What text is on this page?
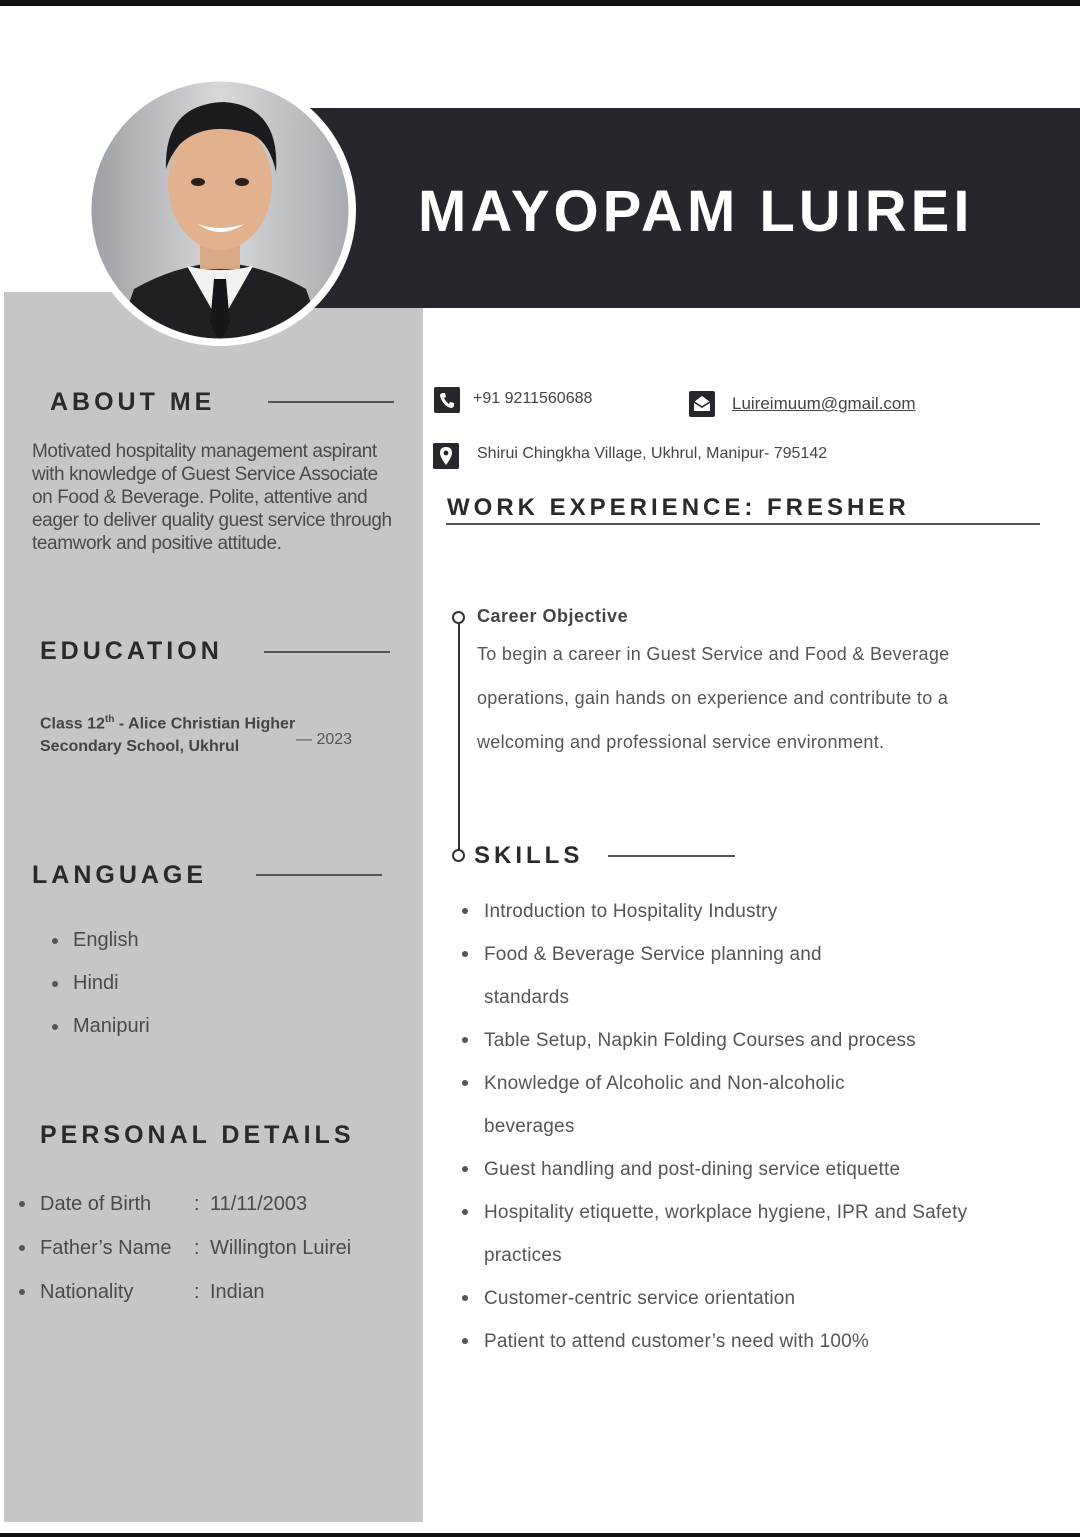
MAYOPAM LUIREI
ABOUT ME
Motivated hospitality management aspirant with knowledge of Guest Service Associate on Food & Beverage. Polite, attentive and eager to deliver quality guest service through teamwork and positive attitude.
EDUCATION
Class 12th - Alice Christian Higher Secondary School, Ukhrul	— 2023
LANGUAGE
English
Hindi
Manipuri
PERSONAL DETAILS
Date of Birth : 11/11/2003
Father’s Name : Willington Luirei
Nationality	: Indian
+91 9211560688	Luireimuum@gmail.com
Shirui Chingkha Village, Ukhrul, Manipur- 795142
WORK EXPERIENCE: FRESHER
Career Objective
To begin a career in Guest Service and Food & Beverage operations, gain hands on experience and contribute to a welcoming and professional service environment.
SKILLS
Introduction to Hospitality Industry
Food & Beverage Service planning and standards
Table Setup, Napkin Folding Courses and process
Knowledge of Alcoholic and Non-alcoholic beverages
Guest handling and post-dining service etiquette
Hospitality etiquette, workplace hygiene, IPR and Safety practices
Customer-centric service orientation
Patient to attend customer’s need with 100%
